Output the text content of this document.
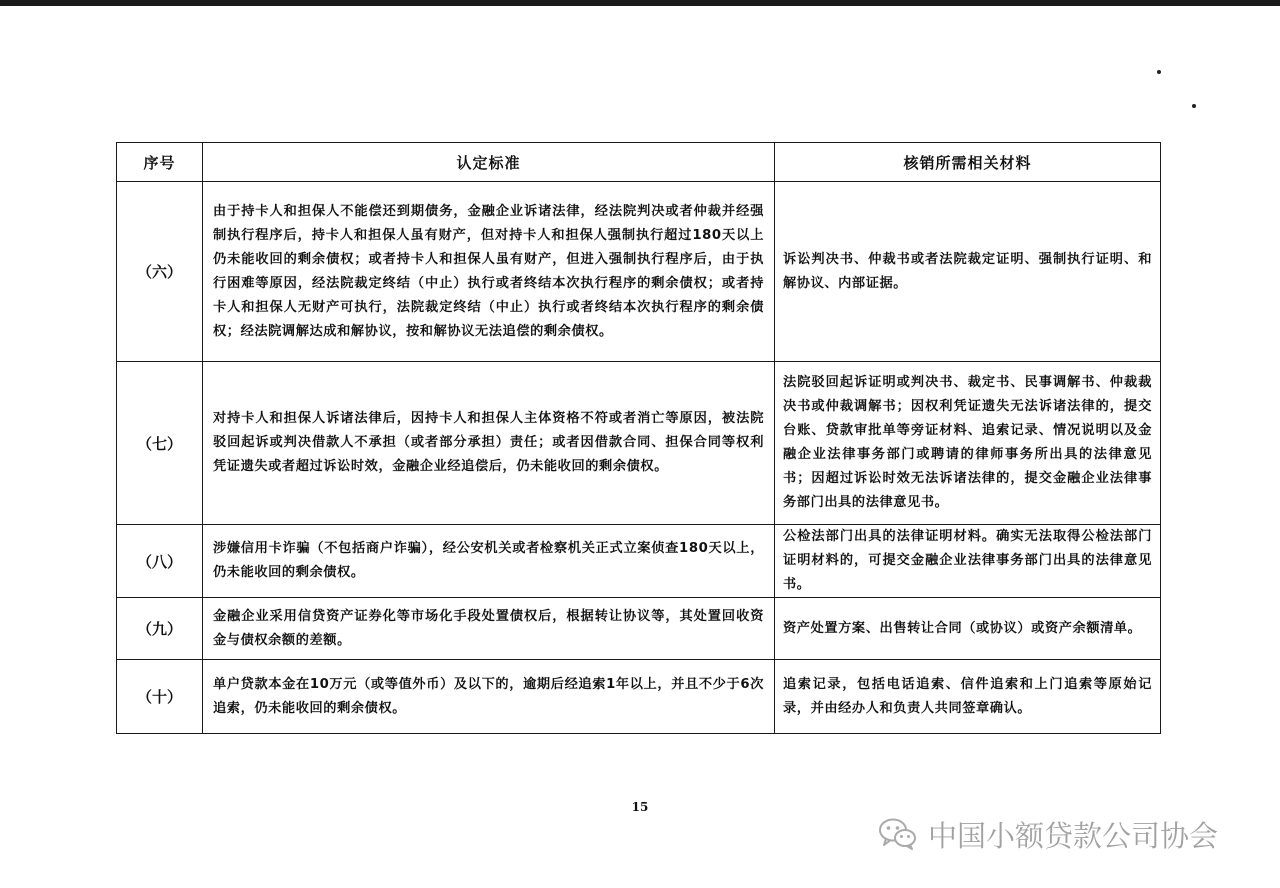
序号	认定标准	核销所需相关材料
（六）	由于持卡人和担保人不能偿还到期债务，金融企业诉诸法律，经法院判决或者仲裁并经强制执行程序后，持卡人和担保人虽有财产，但对持卡人和担保人强制执行超过180天以上仍未能收回的剩余债权；或者持卡人和担保人虽有财产，但进入强制执行程序后，由于执行困难等原因，经法院裁定终结（中止）执行或者终结本次执行程序的剩余债权；或者持卡人和担保人无财产可执行，法院裁定终结（中止）执行或者终结本次执行程序的剩余债权；经法院调解达成和解协议，按和解协议无法追偿的剩余债权。	诉讼判决书、仲裁书或者法院裁定证明、强制执行证明、和解协议、内部证据。
（七）	对持卡人和担保人诉诸法律后，因持卡人和担保人主体资格不符或者消亡等原因，被法院驳回起诉或判决借款人不承担（或者部分承担）责任；或者因借款合同、担保合同等权利凭证遗失或者超过诉讼时效，金融企业经追偿后，仍未能收回的剩余债权。	法院驳回起诉证明或判决书、裁定书、民事调解书、仲裁裁决书或仲裁调解书；因权利凭证遗失无法诉诸法律的，提交台账、贷款审批单等旁证材料、追索记录、情况说明以及金融企业法律事务部门或聘请的律师事务所出具的法律意见书；因超过诉讼时效无法诉诸法律的，提交金融企业法律事务部门出具的法律意见书。
（八）	涉嫌信用卡诈骗（不包括商户诈骗），经公安机关或者检察机关正式立案侦查180天以上，仍未能收回的剩余债权。	公检法部门出具的法律证明材料。确实无法取得公检法部门证明材料的，可提交金融企业法律事务部门出具的法律意见书。
（九）	金融企业采用信贷资产证券化等市场化手段处置债权后，根据转让协议等，其处置回收资金与债权余额的差额。	资产处置方案、出售转让合同（或协议）或资产余额清单。
（十）	单户贷款本金在10万元（或等值外币）及以下的，逾期后经追索1年以上，并且不少于6次追索，仍未能收回的剩余债权。	追索记录，包括电话追索、信件追索和上门追索等原始记录，并由经办人和负责人共同签章确认。
15
中国小额贷款公司协会
